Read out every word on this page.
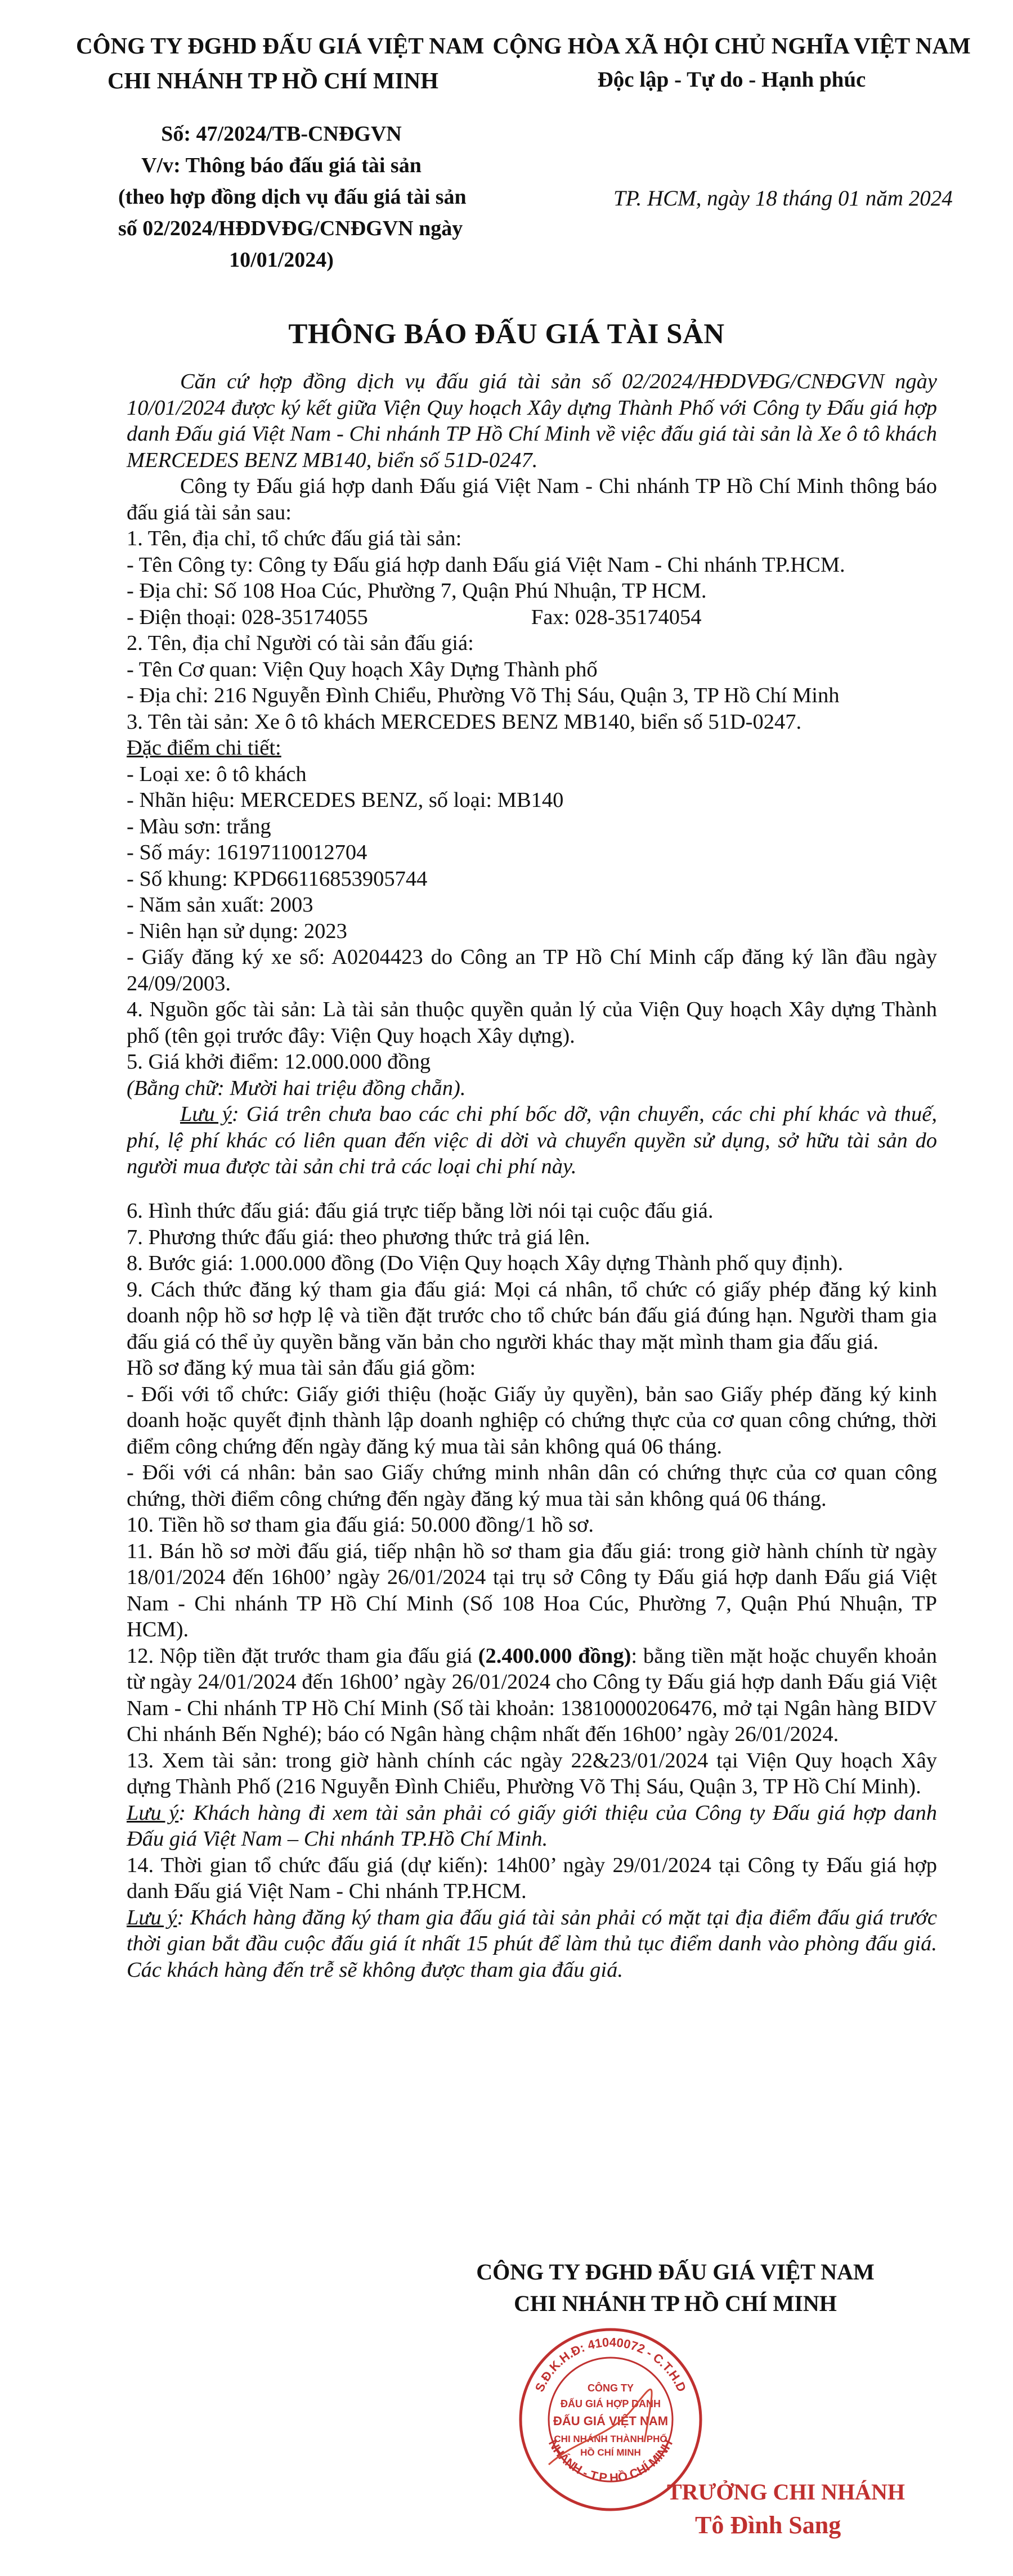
CÔNG TY ĐGHD ĐẤU GIÁ VIỆT NAM
CHI NHÁNH TP HỒ CHÍ MINH
CỘNG HÒA XÃ HỘI CHỦ NGHĨA VIỆT NAM
Độc lập - Tự do - Hạnh phúc
Số: 47/2024/TB-CNĐGVN
V/v: Thông báo đấu giá tài sản
(theo hợp đồng dịch vụ đấu giá tài sản
số 02/2024/HĐDVĐG/CNĐGVN ngày
10/01/2024)
TP. HCM, ngày 18 tháng 01 năm 2024
THÔNG BÁO ĐẤU GIÁ TÀI SẢN

Căn cứ hợp đồng dịch vụ đấu giá tài sản số 02/2024/HĐDVĐG/CNĐGVN ngày 10/01/2024 được ký kết giữa Viện Quy hoạch Xây dựng Thành Phố với Công ty Đấu giá hợp danh Đấu giá Việt Nam - Chi nhánh TP Hồ Chí Minh về việc đấu giá tài sản là Xe ô tô khách MERCEDES BENZ MB140, biển số 51D-0247.

Công ty Đấu giá hợp danh Đấu giá Việt Nam - Chi nhánh TP Hồ Chí Minh thông báo đấu giá tài sản sau:

1. Tên, địa chỉ, tổ chức đấu giá tài sản:

- Tên Công ty: Công ty Đấu giá hợp danh Đấu giá Việt Nam - Chi nhánh TP.HCM.

- Địa chỉ: Số 108 Hoa Cúc, Phường 7, Quận Phú Nhuận, TP HCM.

- Điện thoại: 028-35174055	Fax: 028-35174054

2. Tên, địa chỉ Người có tài sản đấu giá:

- Tên Cơ quan: Viện Quy hoạch Xây Dựng Thành phố

- Địa chỉ: 216 Nguyễn Đình Chiểu, Phường Võ Thị Sáu, Quận 3, TP Hồ Chí Minh

3. Tên tài sản: Xe ô tô khách MERCEDES BENZ MB140, biển số 51D-0247.

Đặc điểm chi tiết:

- Loại xe: ô tô khách

- Nhãn hiệu: MERCEDES BENZ, số loại: MB140

- Màu sơn: trắng

- Số máy: 16197110012704

- Số khung: KPD66116853905744

- Năm sản xuất: 2003

- Niên hạn sử dụng: 2023

- Giấy đăng ký xe số: A0204423 do Công an TP Hồ Chí Minh cấp đăng ký lần đầu ngày 24/09/2003.

4. Nguồn gốc tài sản: Là tài sản thuộc quyền quản lý của Viện Quy hoạch Xây dựng Thành phố (tên gọi trước đây: Viện Quy hoạch Xây dựng).

5. Giá khởi điểm: 12.000.000 đồng

(Bằng chữ: Mười hai triệu đồng chẵn).

Lưu ý: Giá trên chưa bao các chi phí bốc dỡ, vận chuyển, các chi phí khác và thuế, phí, lệ phí khác có liên quan đến việc di dời và chuyển quyền sử dụng, sở hữu tài sản do người mua được tài sản chi trả các loại chi phí này.

6. Hình thức đấu giá: đấu giá trực tiếp bằng lời nói tại cuộc đấu giá.

7. Phương thức đấu giá: theo phương thức trả giá lên.

8. Bước giá: 1.000.000 đồng (Do Viện Quy hoạch Xây dựng Thành phố quy định).

9. Cách thức đăng ký tham gia đấu giá: Mọi cá nhân, tổ chức có giấy phép đăng ký kinh doanh nộp hồ sơ hợp lệ và tiền đặt trước cho tổ chức bán đấu giá đúng hạn. Người tham gia đấu giá có thể ủy quyền bằng văn bản cho người khác thay mặt mình tham gia đấu giá.

Hồ sơ đăng ký mua tài sản đấu giá gồm:

- Đối với tổ chức: Giấy giới thiệu (hoặc Giấy ủy quyền), bản sao Giấy phép đăng ký kinh doanh hoặc quyết định thành lập doanh nghiệp có chứng thực của cơ quan công chứng, thời điểm công chứng đến ngày đăng ký mua tài sản không quá 06 tháng.

- Đối với cá nhân: bản sao Giấy chứng minh nhân dân có chứng thực của cơ quan công chứng, thời điểm công chứng đến ngày đăng ký mua tài sản không quá 06 tháng.

10. Tiền hồ sơ tham gia đấu giá: 50.000 đồng/1 hồ sơ.

11. Bán hồ sơ mời đấu giá, tiếp nhận hồ sơ tham gia đấu giá: trong giờ hành chính từ ngày 18/01/2024 đến 16h00’ ngày 26/01/2024 tại trụ sở Công ty Đấu giá hợp danh Đấu giá Việt Nam - Chi nhánh TP Hồ Chí Minh (Số 108 Hoa Cúc, Phường 7, Quận Phú Nhuận, TP HCM).

12. Nộp tiền đặt trước tham gia đấu giá (2.400.000 đồng): bằng tiền mặt hoặc chuyển khoản từ ngày 24/01/2024 đến 16h00’ ngày 26/01/2024 cho Công ty Đấu giá hợp danh Đấu giá Việt Nam - Chi nhánh TP Hồ Chí Minh (Số tài khoản: 13810000206476, mở tại Ngân hàng BIDV Chi nhánh Bến Nghé); báo có Ngân hàng chậm nhất đến 16h00’ ngày 26/01/2024.

13. Xem tài sản: trong giờ hành chính các ngày 22&23/01/2024 tại Viện Quy hoạch Xây dựng Thành Phố (216 Nguyễn Đình Chiểu, Phường Võ Thị Sáu, Quận 3, TP Hồ Chí Minh).

Lưu ý: Khách hàng đi xem tài sản phải có giấy giới thiệu của Công ty Đấu giá hợp danh Đấu giá Việt Nam – Chi nhánh TP.Hồ Chí Minh.

14. Thời gian tổ chức đấu giá (dự kiến): 14h00’ ngày 29/01/2024 tại Công ty Đấu giá hợp danh Đấu giá Việt Nam - Chi nhánh TP.HCM.

Lưu ý: Khách hàng đăng ký tham gia đấu giá tài sản phải có mặt tại địa điểm đấu giá trước thời gian bắt đầu cuộc đấu giá ít nhất 15 phút để làm thủ tục điểm danh vào phòng đấu giá. Các khách hàng đến trễ sẽ không được tham gia đấu giá.

CÔNG TY ĐGHD ĐẤU GIÁ VIỆT NAM
CHI NHÁNH TP HỒ CHÍ MINH
S.Đ.K.H.Đ: 41040072 - C.T.H.D
NHÁNH - T.P HỒ CHÍ MINH
CÔNG TY
ĐẤU GIÁ HỢP DANH
ĐẤU GIÁ VIỆT NAM
CHI NHÁNH THÀNH PHỐ
HỒ CHÍ MINH
TRƯỞNG CHI NHÁNH
Tô Đình Sang
